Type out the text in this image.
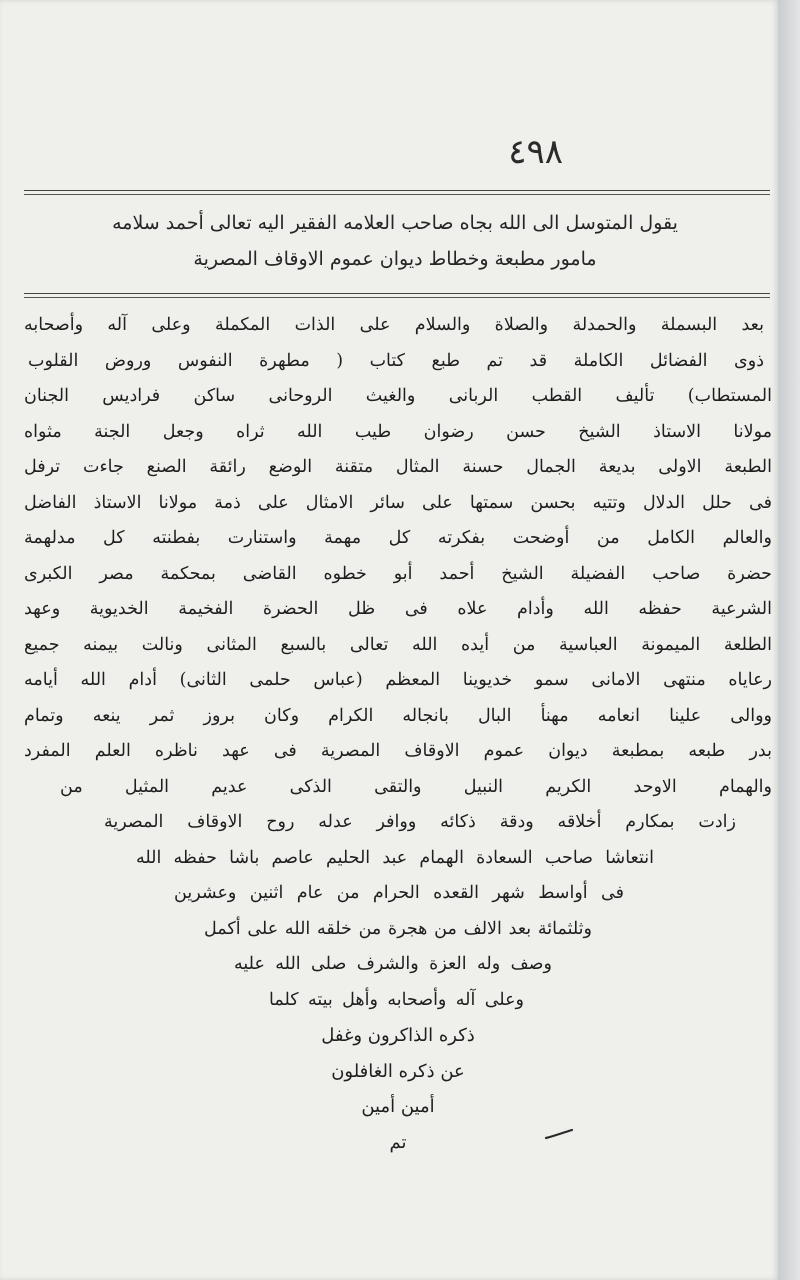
٤٩٨
يقول المتوسل الى الله بجاه صاحب العلامه الفقير اليه تعالى أحمد سلامه
مامور مطبعة وخطاط ديوان عموم الاوقاف المصرية
بعد البسملة والحمدلة والصلاة والسلام على الذات المكملة وعلى آله وأصحابه
ذوى الفضائل الكاملة قد تم طبع كتاب ( مطهرة النفوس وروض القلوب
المستطاب) تأليف القطب الربانى والغيث الروحانى ساكن فراديس الجنان
مولانا الاستاذ الشيخ حسن رضوان طيب الله ثراه وجعل الجنة مثواه
الطبعة الاولى بديعة الجمال حسنة المثال متقنة الوضع رائقة الصنع جاءت ترفل
فى حلل الدلال وتتيه بحسن سمتها على سائر الامثال على ذمة مولانا الاستاذ الفاضل
والعالم الكامل من أوضحت بفكرته كل مهمة واستنارت بفطنته كل مدلهمة
حضرة صاحب الفضيلة الشيخ أحمد أبو خطوه القاضى بمحكمة مصر الكبرى
الشرعية حفظه الله وأدام علاه فى ظل الحضرة الفخيمة الخديوية وعهد
الطلعة الميمونة العباسية من أيده الله تعالى بالسبع المثانى ونالت بيمنه جميع
رعاياه منتهى الامانى سمو خديوينا المعظم (عباس حلمى الثانى) أدام الله أيامه
ووالى علينا انعامه مهنأ البال بانجاله الكرام وكان بروز ثمر ينعه وتمام
بدر طبعه بمطبعة ديوان عموم الاوقاف المصرية فى عهد ناظره العلم المفرد
والهمام الاوحد الكريم النبيل والتقى الذكى عديم المثيل من
زادت بمكارم أخلاقه ودقة ذكائه ووافر عدله روح الاوقاف المصرية
انتعاشا صاحب السعادة الهمام عبد الحليم عاصم باشا حفظه الله
فى أواسط شهر القعده الحرام من عام اثنين وعشرين
وثلثمائة بعد الالف من هجرة من خلقه الله على أكمل
وصف وله العزة والشرف صلى الله عليه
وعلى آله وأصحابه وأهل بيته كلما
ذكره الذاكرون وغفل
عن ذكره الغافلون
أمين أمين
تم
